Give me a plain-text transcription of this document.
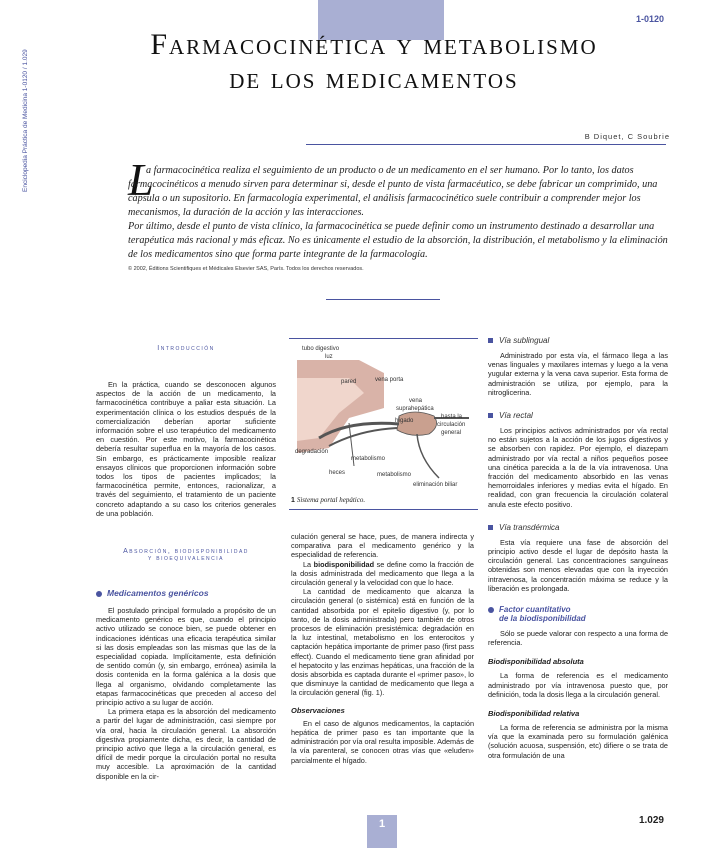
1-0120
Enciclopedia Práctica de Medicina 1-0120 / 1.029
Farmacocinética y metabolismo
de los medicamentos
B Diquet, C Soubrie
L

a farmacocinética realiza el seguimiento de un producto o de un medicamento en el ser humano. Por lo tanto, los datos farmacocinéticos a menudo sirven para determinar si, desde el punto de vista farmacéutico, se debe fabricar un comprimido, una cápsula o un supositorio. En farmacología experimental, el análisis farmacocinético suele contribuir a comprender mejor los mecanismos, la duración de la acción y las interacciones.

Por último, desde el punto de vista clínico, la farmacocinética se puede definir como un instrumento destinado a desarrollar una terapéutica más racional y más eficaz. No es únicamente el estudio de la absorción, la distribución, el metabolismo y la eliminación de los medicamentos sino que forma parte integrante de la farmacología.

© 2002, Éditions Scientifiques et Médicales Elsevier SAS, París. Todos los derechos reservados.
Introducción

En la práctica, cuando se desconocen algunos aspectos de la acción de un medicamento, la farmacocinética contribuye a paliar esta situación. La experimentación clínica o los estudios después de la comercialización deberían aportar suficiente información sobre el uso terapéutico del medicamento en cuestión. Por este motivo, la farmacocinética debería resultar superflua en la mayoría de los casos. Sin embargo, es prácticamente imposible realizar ensayos clínicos que proporcionen información sobre todos los tipos de pacientes implicados; la farmacocinética permite, entonces, racionalizar, a través del seguimiento, el tratamiento de un paciente concreto adaptando a su caso los criterios generales de una población.

Absorción, biodisponibilidad
y bioequivalencia
Medicamentos genéricos

El postulado principal formulado a propósito de un medicamento genérico es que, cuando el principio activo utilizado se conoce bien, se puede obtener en indicaciones idénticas una eficacia terapéutica similar si las dosis empleadas son las mismas que las de la especialidad copiada. Implícitamente, esta definición de sentido común (y, sin embargo, errónea) asimila la dosis contenida en la forma galénica a la dosis que llega al organismo, olvidando completamente las etapas farmacocinéticas que preceden al acceso del principio activo a su lugar de acción.

La primera etapa es la absorción del medicamento a partir del lugar de administración, casi siempre por vía oral, hacia la circulación general. La absorción digestiva propiamente dicha, es decir, la cantidad de principio activo que llega a la circulación general, es difícil de medir porque la circulación portal no resulta muy accesible. La aproximación de la cantidad disponible en la cir-

tubo digestivo
luz
pared	vena porta
vena
suprahepática
hígado
hasta la
circulación
general
degradación
metabolismo
heces	metabolismo
eliminación biliar
1 Sistema portal hepático.

culación general se hace, pues, de manera indirecta y comparativa para el medicamento genérico y la especialidad de referencia.

La biodisponibilidad se define como la fracción de la dosis administrada del medicamento que llega a la circulación general y la velocidad con que lo hace.

La cantidad de medicamento que alcanza la circulación general (o sistémica) está en función de la cantidad absorbida por el epitelio digestivo (y, por lo tanto, de la dosis administrada) pero también de otros procesos de eliminación presistémica: degradación en la luz intestinal, metabolismo en los enterocitos y captación hepática importante de primer paso (first pass effect). Cuando el medicamento tiene gran afinidad por el hepatocito y las enzimas hepáticas, una fracción de la dosis absorbida es captada durante el «primer paso», lo que disminuye la cantidad de medicamento que llega a la circulación general (fig. 1).

Observaciones

En el caso de algunos medicamentos, la captación hepática de primer paso es tan importante que la administración por vía oral resulta imposible. Además de la vía parenteral, se conocen otras vías que «eluden» parcialmente el hígado.

Vía sublingual

Administrado por esta vía, el fármaco llega a las venas linguales y maxilares internas y luego a la vena yugular externa y la vena cava superior. Esta forma de administración se utiliza, por ejemplo, para la nitroglicerina.

Vía rectal

Los principios activos administrados por vía rectal no están sujetos a la acción de los jugos digestivos y se absorben con rapidez. Por ejemplo, el diazepam administrado por vía rectal a niños pequeños posee una cinética parecida a la de la vía intravenosa. Una fracción del medicamento absorbido en las venas hemorroidales inferiores y medias evita el hígado. En realidad, con gran frecuencia la circulación colateral anula este efecto positivo.

Vía transdérmica

Esta vía requiere una fase de absorción del principio activo desde el lugar de depósito hasta la circulación general. Las concentraciones sanguíneas obtenidas son menos elevadas que con la inyección intravenosa, la concentración máxima se reduce y la liberación es prolongada.

Factor cuantitativo
de la biodisponibilidad

Sólo se puede valorar con respecto a una forma de referencia.

Biodisponibilidad absoluta

La forma de referencia es el medicamento administrado por vía intravenosa puesto que, por definición, toda la dosis llega a la circulación general.

Biodisponibilidad relativa

La forma de referencia se administra por la misma vía que la examinada pero su formulación galénica (solución acuosa, suspensión, etc) difiere o se trata de otra formulación de una

1	1.029
